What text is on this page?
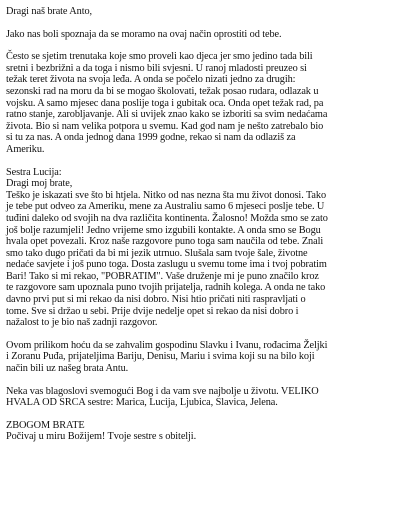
Dragi naš brate Anto,
Jako nas boli spoznaja da se moramo na ovaj način oprostiti od tebe.
Često se sjetim trenutaka koje smo proveli kao djeca jer smo jedino tada bili
sretni i bezbrižni a da toga i nismo bili svjesni. U ranoj mladosti preuzeo si
težak teret života na svoja leđa. A onda se počelo nizati jedno za drugih:
sezonski rad na moru da bi se mogao školovati, težak posao rudara, odlazak u
vojsku. A samo mjesec dana poslije toga i gubitak oca. Onda opet težak rad, pa
ratno stanje, zarobljavanje. Ali si uvijek znao kako se izboriti sa svim nedaćama
života. Bio si nam velika potpora u svemu. Kad god nam je nešto zatrebalo bio
si tu za nas. A onda jednog dana 1999 godne, rekao si nam da odlaziš za
Ameriku.
Sestra Lucija:
Dragi moj brate,
Teško je iskazati sve što bi htjela. Nitko od nas nezna šta mu život donosi. Tako
je tebe put odveo za Ameriku, mene za Australiu samo 6 mjeseci poslje tebe. U
tuđini daleko od svojih na dva različita kontinenta. Žalosno! Možda smo se zato
još bolje razumjeli! Jedno vrijeme smo izgubili kontakte. A onda smo se Bogu
hvala opet povezali. Kroz naše razgovore puno toga sam naučila od tebe. Znali
smo tako dugo pričati da bi mi jezik utrnuo. Slušala sam tvoje šale, životne
nedaće savjete i još puno toga. Dosta zaslugu u svemu tome ima i tvoj pobratim
Bari! Tako si mi rekao, "POBRATIM". Vaše druženje mi je puno značilo kroz
te razgovore sam upoznala puno tvojih prijatelja, radnih kolega. A onda ne tako
davno prvi put si mi rekao da nisi dobro. Nisi htio pričati niti raspravljati o
tome. Sve si držao u sebi. Prije dvije nedelje opet si rekao da nisi dobro i
nažalost to je bio naš zadnji razgovor.
Ovom prilikom hoću da se zahvalim gospodinu Slavku i Ivanu, rođacima Željki
i Zoranu Puđa, prijateljima Bariju, Denisu, Mariu i svima koji su na bilo koji
način bili uz našeg brata Antu.
Neka vas blagoslovi svemogući Bog i da vam sve najbolje u životu. VELIKO
HVALA OD SRCA sestre: Marica, Lucija, Ljubica, Slavica, Jelena.
ZBOGOM BRATE
Počivaj u miru Božijem! Tvoje sestre s obitelji.
